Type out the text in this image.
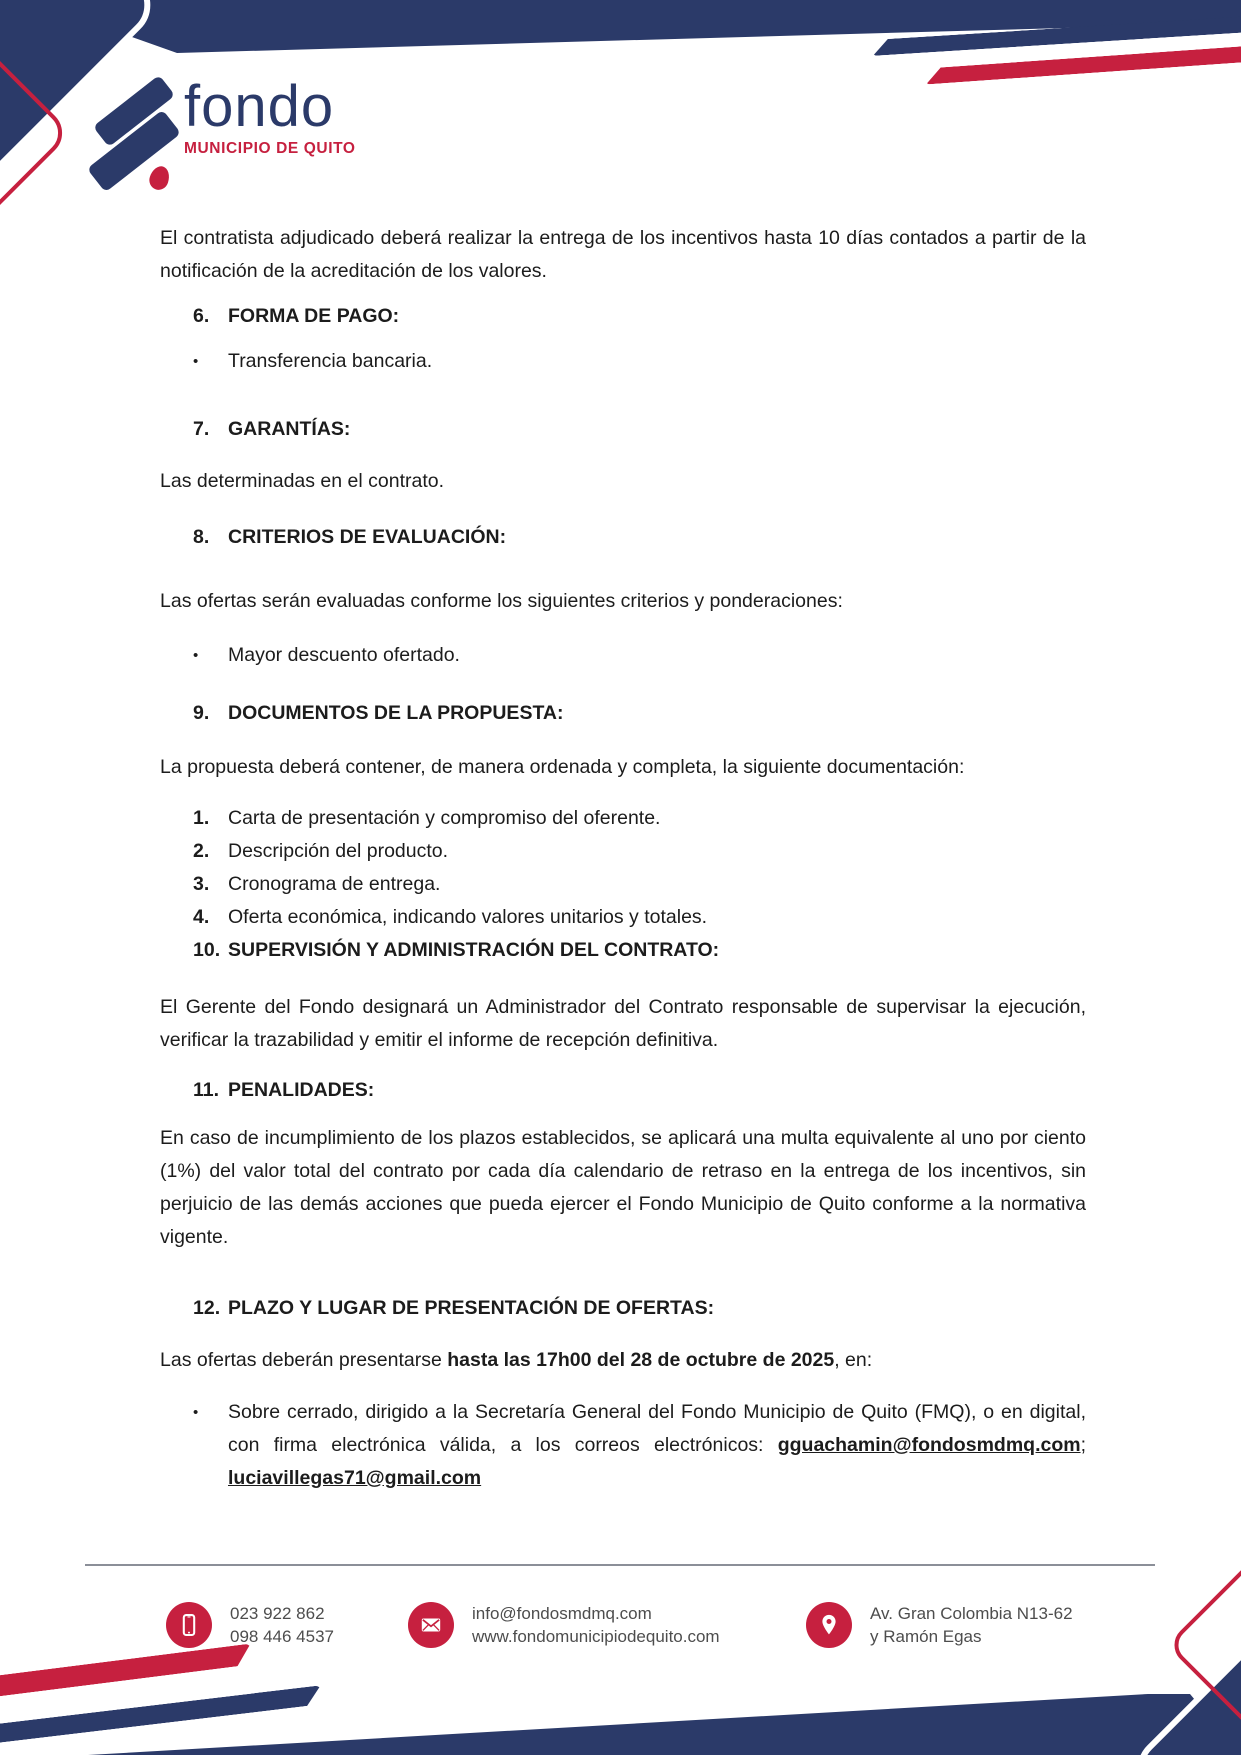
fondo
MUNICIPIO DE QUITO

El contratista adjudicado deberá realizar la entrega de los incentivos hasta 10 días contados a partir de la notificación de la acreditación de los valores.

6. FORMA DE PAGO:
•	Transferencia bancaria.
7. GARANTÍAS:

Las determinadas en el contrato.

8. CRITERIOS DE EVALUACIÓN:

Las ofertas serán evaluadas conforme los siguientes criterios y ponderaciones:

•	Mayor descuento ofertado.
9. DOCUMENTOS DE LA PROPUESTA:

La propuesta deberá contener, de manera ordenada y completa, la siguiente documentación:

1. Carta de presentación y compromiso del oferente.
2. Descripción del producto.
3. Cronograma de entrega.
4. Oferta económica, indicando valores unitarios y totales.
10. SUPERVISIÓN Y ADMINISTRACIÓN DEL CONTRATO:

El Gerente del Fondo designará un Administrador del Contrato responsable de supervisar la ejecución, verificar la trazabilidad y emitir el informe de recepción definitiva.

11. PENALIDADES:

En caso de incumplimiento de los plazos establecidos, se aplicará una multa equivalente al uno por ciento (1%) del valor total del contrato por cada día calendario de retraso en la entrega de los incentivos, sin perjuicio de las demás acciones que pueda ejercer el Fondo Municipio de Quito conforme a la normativa vigente.

12. PLAZO Y LUGAR DE PRESENTACIÓN DE OFERTAS:

Las ofertas deberán presentarse hasta las 17h00 del 28 de octubre de 2025, en:

•	Sobre cerrado, dirigido a la Secretaría General del Fondo Municipio de Quito (FMQ), o en digital, con firma electrónica válida, a los correos electrónicos: gguachamin@fondosmdmq.com; luciavillegas71@gmail.com
023 922 862
098 446 4537
info@fondosmdmq.com
www.fondomunicipiodequito.com
Av. Gran Colombia N13-62
y Ramón Egas
